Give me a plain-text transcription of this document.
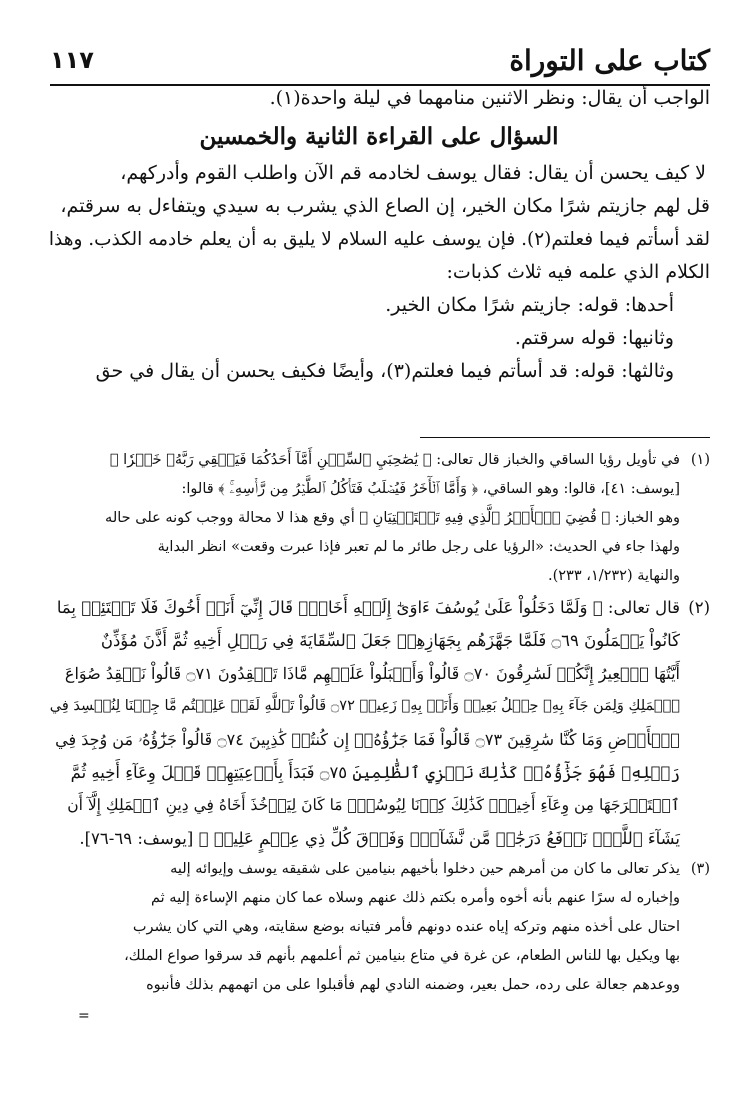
كتاب على التوراة
١١٧
الواجب أن يقال: ونظر الاثنين منامهما في ليلة واحدة(١).
السؤال على القراءة الثانية والخمسين
لا كيف يحسن أن يقال: فقال يوسف لخادمه قم الآن واطلب القوم وأدركهم،
قل لهم جازيتم شرًا مكان الخير، إن الصاع الذي يشرب به سيدي ويتفاءل به سرقتم،
لقد أسأتم فيما فعلتم(٢). فإن يوسف عليه السلام لا يليق به أن يعلم خادمه الكذب. وهذا
الكلام الذي علمه فيه ثلاث كذبات:
أحدها: قوله: جازيتم شرًا مكان الخير.
وثانيها: قوله سرقتم.
وثالثها: قوله: قد أسأتم فيما فعلتم(٣)، وأيضًا فكيف يحسن أن يقال في حق
(١)في تأويل رؤيا الساقي والخباز قال تعالى: ﴿ يَٰصَٰحِبَيِ ٱلسِّجۡنِ أَمَّآ أَحَدُكُمَا فَيَسۡقِي رَبَّهُۥ خَمۡرٗا ﴾
[يوسف: ٤١]، قالوا: وهو الساقي، ﴿ وَأَمَّا ٱلۡأٓخَرُ فَيُصۡلَبُ فَتَأۡكُلُ ٱلطَّيۡرُ مِن رَّأۡسِهِۦۚ ﴾ قالوا:
وهو الخباز: ﴿ قُضِيَ ٱلۡأَمۡرُ ٱلَّذِي فِيهِ تَسۡتَفۡتِيَانِ ﴾ أي وقع هذا لا محالة ووجب كونه على حاله
ولهذا جاء في الحديث: «الرؤيا على رجل طائر ما لم تعبر فإذا عبرت وقعت» انظر البداية
والنهاية (١/٢٣٢، ٢٣٣).
(٢)قال تعالى: ﴿ وَلَمَّا دَخَلُواْ عَلَىٰ يُوسُفَ ءَاوَىٰٓ إِلَيۡهِ أَخَاهُۖ قَالَ إِنِّيٓ أَنَا۠ أَخُوكَ فَلَا تَبۡتَئِسۡ بِمَا
كَانُواْ يَعۡمَلُونَ ۝٦٩ فَلَمَّا جَهَّزَهُم بِجَهَازِهِمۡ جَعَلَ ٱلسِّقَايَةَ فِي رَحۡلِ أَخِيهِ ثُمَّ أَذَّنَ مُؤَذِّنٌ
أَيَّتُهَا ٱلۡعِيرُ إِنَّكُمۡ لَسَٰرِقُونَ ۝٧٠ قَالُواْ وَأَقۡبَلُواْ عَلَيۡهِم مَّاذَا تَفۡقِدُونَ ۝٧١ قَالُواْ نَفۡقِدُ صُوَاعَ
ٱلۡمَلِكِ وَلِمَن جَآءَ بِهِۦ حِمۡلُ بَعِيرٖ وَأَنَا۠ بِهِۦ زَعِيمٞ ۝٧٢ قَالُواْ تَٱللَّهِ لَقَدۡ عَلِمۡتُم مَّا جِئۡنَا لِنُفۡسِدَ فِي
ٱلۡأَرۡضِ وَمَا كُنَّا سَٰرِقِينَ ۝٧٣ قَالُواْ فَمَا جَزَٰٓؤُهُۥٓ إِن كُنتُمۡ كَٰذِبِينَ ۝٧٤ قَالُواْ جَزَٰٓؤُهُۥ مَن وُجِدَ فِي
رَحۡلِهِۦ فَهُوَ جَزَٰٓؤُهُۥۚ كَذَٰلِكَ نَجۡزِي ٱلظَّٰلِمِينَ ۝٧٥ فَبَدَأَ بِأَوۡعِيَتِهِمۡ قَبۡلَ وِعَآءِ أَخِيهِ ثُمَّ
ٱسۡتَخۡرَجَهَا مِن وِعَآءِ أَخِيهِۚ كَذَٰلِكَ كِدۡنَا لِيُوسُفَۖ مَا كَانَ لِيَأۡخُذَ أَخَاهُ فِي دِينِ ٱلۡمَلِكِ إِلَّآ أَن
يَشَآءَ ٱللَّهُۚ نَرۡفَعُ دَرَجَٰتٖ مَّن نَّشَآءُۗ وَفَوۡقَ كُلِّ ذِي عِلۡمٍ عَلِيمٞ ﴾ [يوسف: ٦٩-٧٦].
(٣)يذكر تعالى ما كان من أمرهم حين دخلوا بأخيهم بنيامين على شقيقه يوسف وإيوائه إليه
وإخباره له سرًا عنهم بأنه أخوه وأمره بكتم ذلك عنهم وسلاه عما كان منهم الإساءة إليه ثم
احتال على أخذه منهم وتركه إياه عنده دونهم فأمر فتيانه بوضع سقايته، وهي التي كان يشرب
بها ويكيل بها للناس الطعام، عن غرة في متاع بنيامين ثم أعلمهم بأنهم قد سرقوا صواع الملك،
ووعدهم جعالة على رده، حمل بعير، وضمنه النادي لهم فأقبلوا على من اتهمهم بذلك فأنبوه
=
